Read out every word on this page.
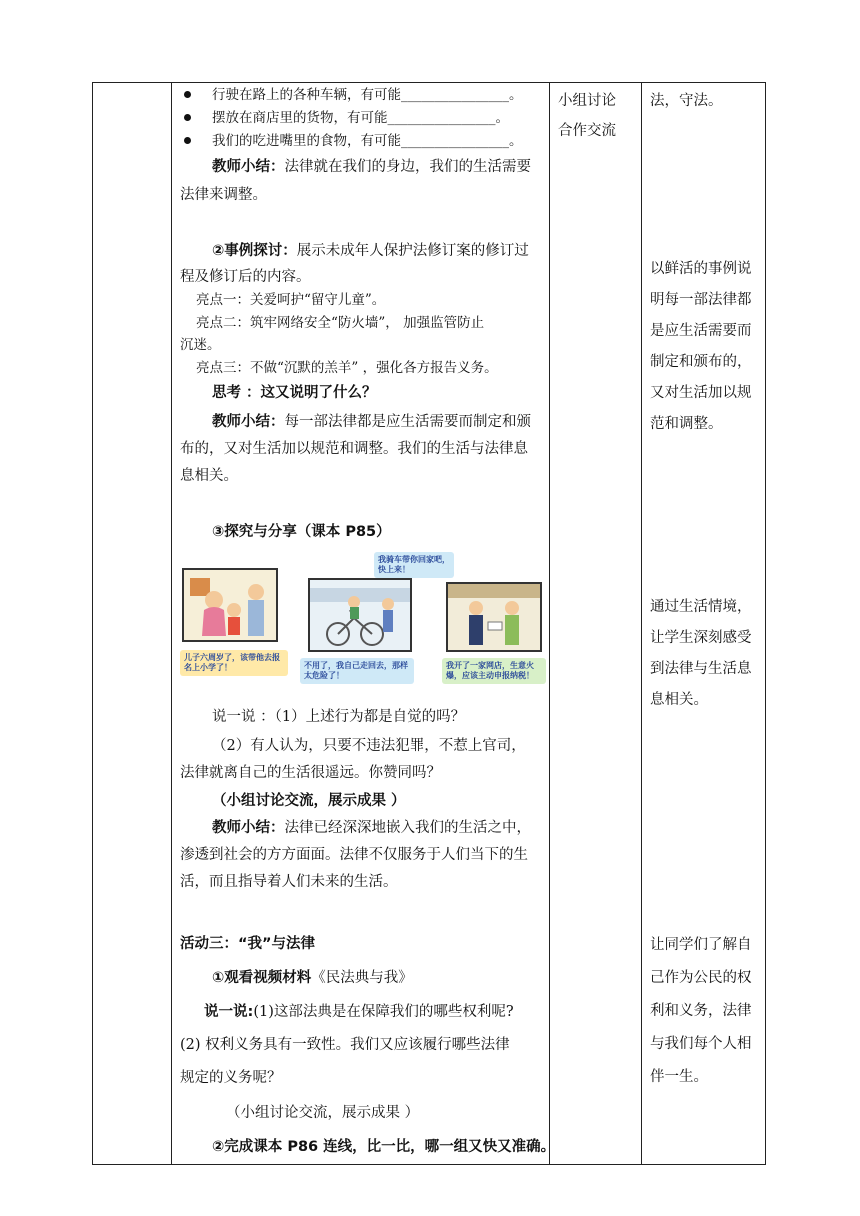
行驶在路上的各种车辆，有可能________________。
摆放在商店里的货物，有可能________________。
我们的吃进嘴里的食物，有可能________________。
教师小结：法律就在我们的身边，我们的生活需要
法律来调整。
②事例探讨：展示未成年人保护法修订案的修订过
程及修订后的内容。
亮点一：关爱呵护“留守儿童”。
亮点二：筑牢网络安全“防火墙”， 加强监管防止
沉迷。
亮点三：不做“沉默的羔羊” ，强化各方报告义务。
思考 ：这又说明了什么？
教师小结：每一部法律都是应生活需要而制定和颁
布的，又对生活加以规范和调整。我们的生活与法律息
息相关。
③探究与分享（课本 P85）
儿子六周岁了，该带他去报名上小学了！
我骑车带你回家吧，快上来！
不用了，我自己走回去，那样太危险了！
我开了一家网店，生意火爆，应该主动申报纳税！
说一说 ：（1）上述行为都是自觉的吗？
（2）有人认为，只要不违法犯罪，不惹上官司，
法律就离自己的生活很遥远。你赞同吗？
（小组讨论交流，展示成果 ）
教师小结：法律已经深深地嵌入我们的生活之中，
渗透到社会的方方面面。法律不仅服务于人们当下的生
活，而且指导着人们未来的生活。
活动三：“我”与法律
①观看视频材料《民法典与我》
说一说:(1)这部法典是在保障我们的哪些权利呢?
(2) 权利义务具有一致性。我们又应该履行哪些法律
规定的义务呢？
（小组讨论交流，展示成果 ）
②完成课本 P86 连线，比一比，哪一组又快又准确。
小组讨论
合作交流
法，守法。
以鲜活的事例说
明每一部法律都
是应生活需要而
制定和颁布的，
又对生活加以规
范和调整。
通过生活情境，
让学生深刻感受
到法律与生活息
息相关。
让同学们了解自
己作为公民的权
利和义务，法律
与我们每个人相
伴一生。
